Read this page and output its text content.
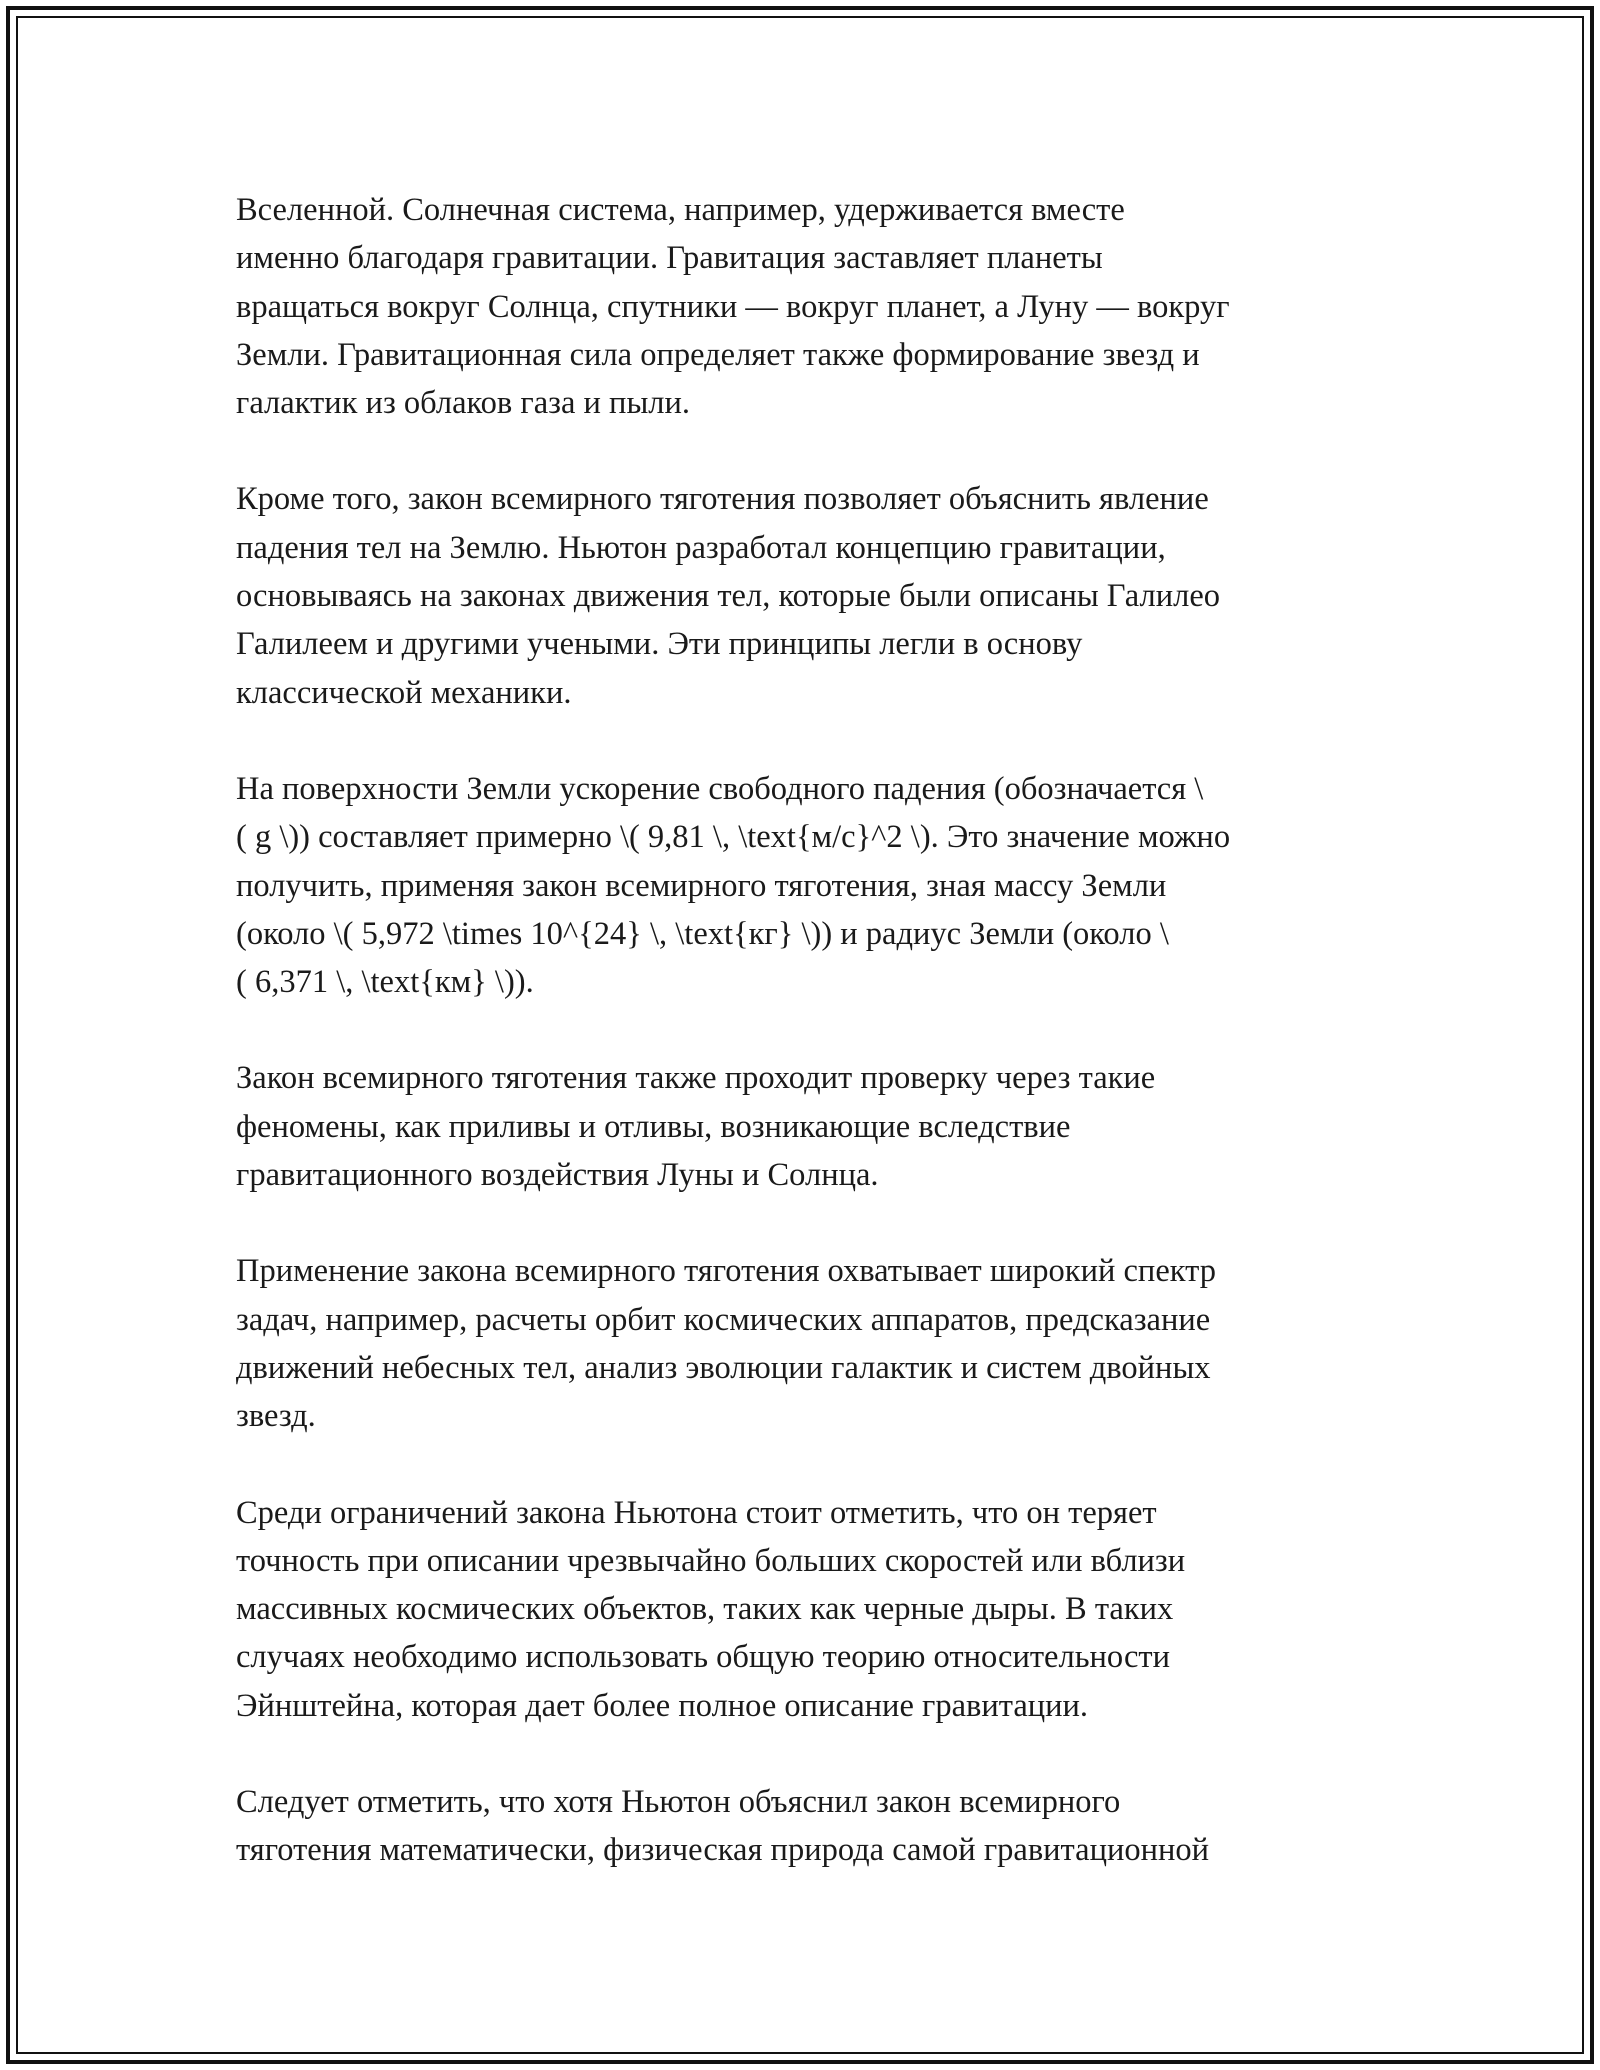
Вселенной. Солнечная система, например, удерживается вместе
именно благодаря гравитации. Гравитация заставляет планеты
вращаться вокруг Солнца, спутники — вокруг планет, а Луну — вокруг
Земли. Гравитационная сила определяет также формирование звезд и
галактик из облаков газа и пыли.

Кроме того, закон всемирного тяготения позволяет объяснить явление
падения тел на Землю. Ньютон разработал концепцию гравитации,
основываясь на законах движения тел, которые были описаны Галилео
Галилеем и другими учеными. Эти принципы легли в основу
классической механики.

На поверхности Земли ускорение свободного падения (обозначается \
( g \)) составляет примерно \( 9,81 \, \text{м/с}^2 \). Это значение можно
получить, применяя закон всемирного тяготения, зная массу Земли
(около \( 5,972 \times 10^{24} \, \text{кг} \)) и радиус Земли (около \
( 6,371 \, \text{км} \)).

Закон всемирного тяготения также проходит проверку через такие
феномены, как приливы и отливы, возникающие вследствие
гравитационного воздействия Луны и Солнца.

Применение закона всемирного тяготения охватывает широкий спектр
задач, например, расчеты орбит космических аппаратов, предсказание
движений небесных тел, анализ эволюции галактик и систем двойных
звезд.

Среди ограничений закона Ньютона стоит отметить, что он теряет
точность при описании чрезвычайно больших скоростей или вблизи
массивных космических объектов, таких как черные дыры. В таких
случаях необходимо использовать общую теорию относительности
Эйнштейна, которая дает более полное описание гравитации.

Следует отметить, что хотя Ньютон объяснил закон всемирного
тяготения математически, физическая природа самой гравитационной
